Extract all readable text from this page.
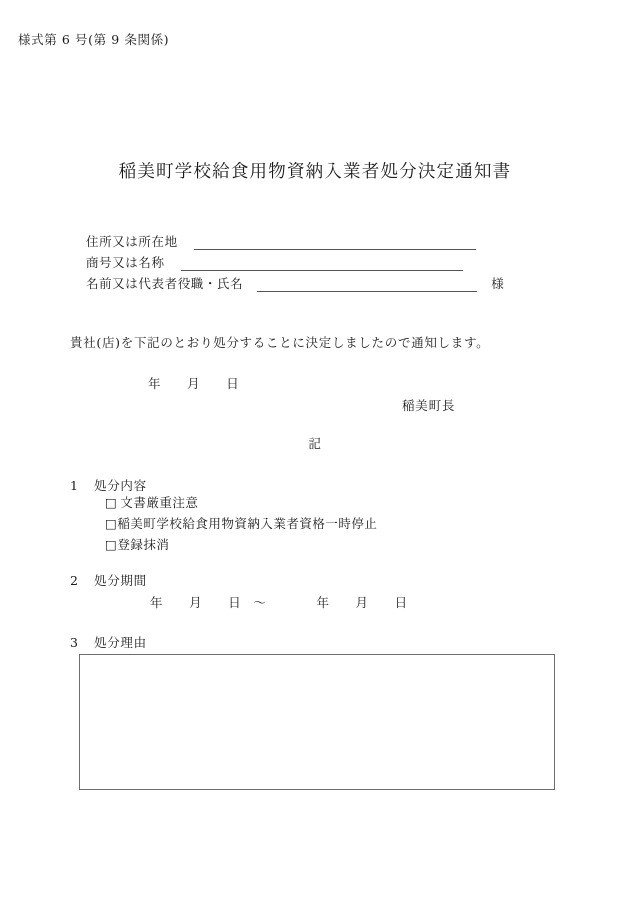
様式第 6 号(第 9 条関係)
稲美町学校給食用物資納入業者処分決定通知書
住所又は所在地
商号又は名称
名前又は代表者役職・氏名	様
貴社(店)を下記のとおり処分することに決定しましたので通知します。
年 月 日
稲美町長
記
1 処分内容
□ 文書厳重注意
□稲美町学校給食用物資納入業者資格一時停止
□登録抹消
2 処分期間
年 月 日 ～	年 月 日
3 処分理由
